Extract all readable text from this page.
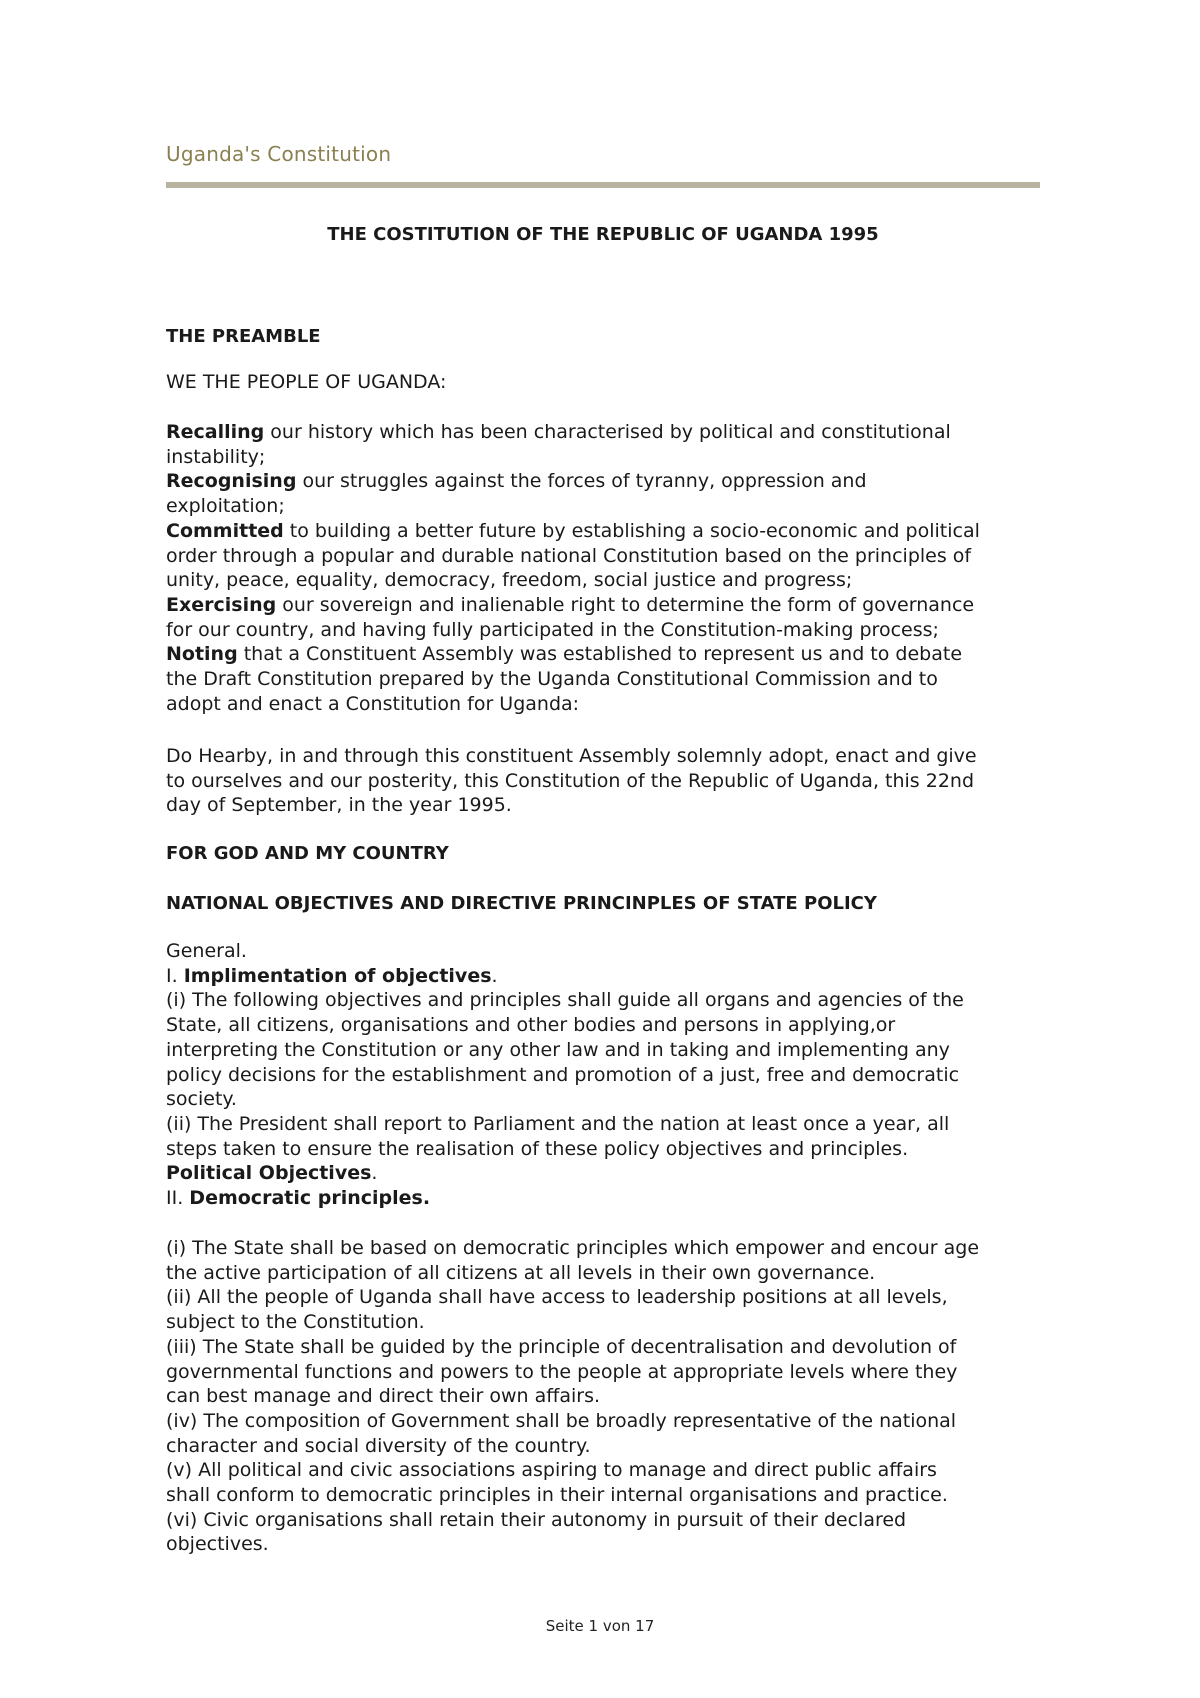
Uganda's Constitution
THE COSTITUTION OF THE REPUBLIC OF UGANDA 1995
THE PREAMBLE
WE THE PEOPLE OF UGANDA:
Recalling our history which has been characterised by political and constitutional
instability;
Recognising our struggles against the forces of tyranny, oppression and
exploitation;
Committed to building a better future by establishing a socio-economic and political
order through a popular and durable national Constitution based on the principles of
unity, peace, equality, democracy, freedom, social justice and progress;
Exercising our sovereign and inalienable right to determine the form of governance
for our country, and having fully participated in the Constitution-making process;
Noting that a Constituent Assembly was established to represent us and to debate
the Draft Constitution prepared by the Uganda Constitutional Commission and to
adopt and enact a Constitution for Uganda:
Do Hearby, in and through this constituent Assembly solemnly adopt, enact and give
to ourselves and our posterity, this Constitution of the Republic of Uganda, this 22nd
day of September, in the year 1995.
FOR GOD AND MY COUNTRY
NATIONAL OBJECTIVES AND DIRECTIVE PRINCINPLES OF STATE POLICY
General.
I. Implimentation of objectives.
(i) The following objectives and principles shall guide all organs and agencies of the
State, all citizens, organisations and other bodies and persons in applying,or
interpreting the Constitution or any other law and in taking and implementing any
policy decisions for the establishment and promotion of a just, free and democratic
society.
(ii) The President shall report to Parliament and the nation at least once a year, all
steps taken to ensure the realisation of these policy objectives and principles.
Political Objectives.
II. Democratic principles.
(i) The State shall be based on democratic principles which empower and encour age
the active participation of all citizens at all levels in their own governance.
(ii) All the people of Uganda shall have access to leadership positions at all levels,
subject to the Constitution.
(iii) The State shall be guided by the principle of decentralisation and devolution of
governmental functions and powers to the people at appropriate levels where they
can best manage and direct their own affairs.
(iv) The composition of Government shall be broadly representative of the national
character and social diversity of the country.
(v) All political and civic associations aspiring to manage and direct public affairs
shall conform to democratic principles in their internal organisations and practice.
(vi) Civic organisations shall retain their autonomy in pursuit of their declared
objectives.
Seite 1 von 17
